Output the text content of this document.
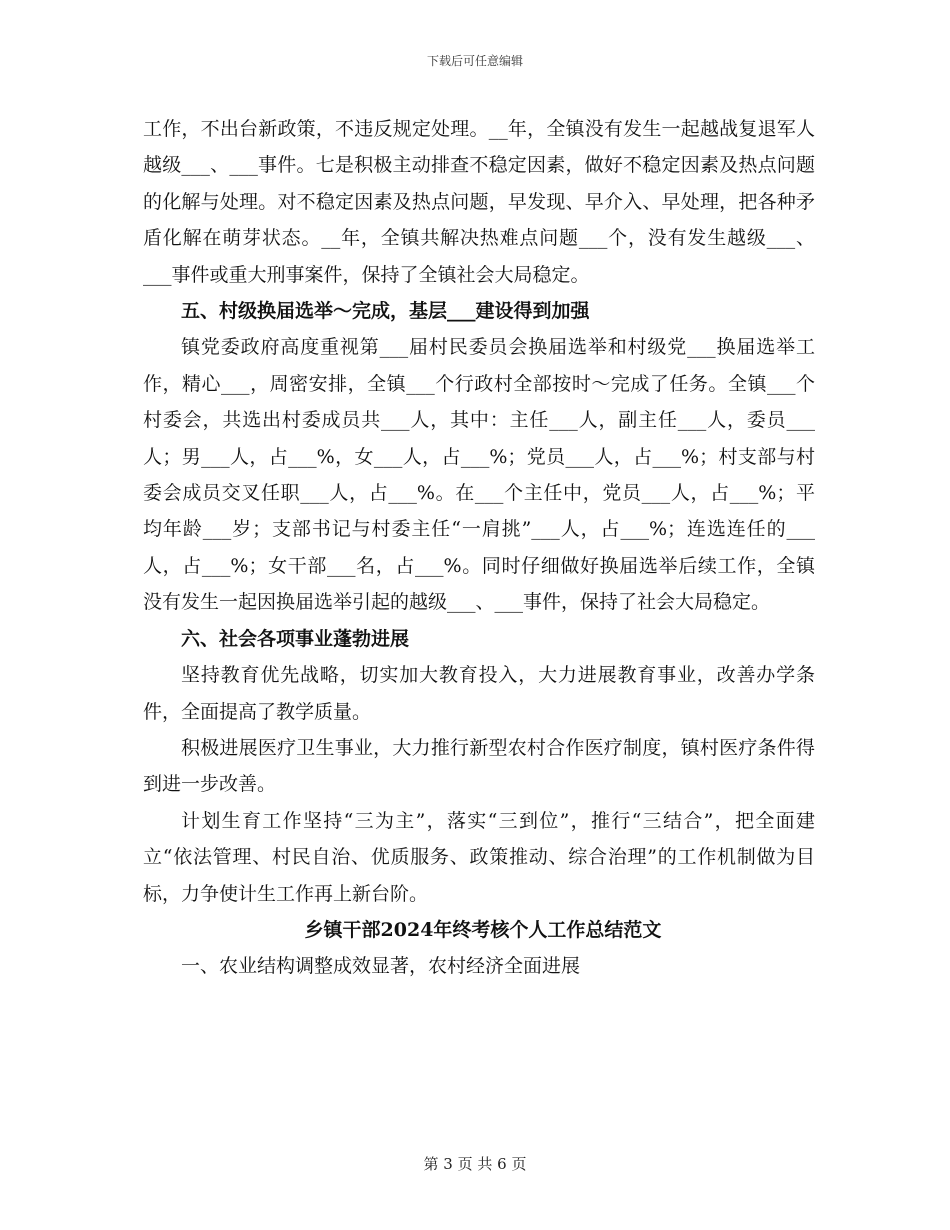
下载后可任意编辑

工作，不出台新政策，不违反规定处理。__年，全镇没有发生一起越战复退军人越级___、___事件。七是积极主动排查不稳定因素，做好不稳定因素及热点问题的化解与处理。对不稳定因素及热点问题，早发现、早介入、早处理，把各种矛盾化解在萌芽状态。__年，全镇共解决热难点问题___个，没有发生越级___、___事件或重大刑事案件，保持了全镇社会大局稳定。

五、村级换届选举～完成，基层___建设得到加强

镇党委政府高度重视第___届村民委员会换届选举和村级党___换届选举工作，精心___，周密安排，全镇___个行政村全部按时～完成了任务。全镇___个村委会，共选出村委成员共___人，其中：主任___人，副主任___人，委员___人；男___人，占___%，女___人，占___%；党员___人，占___%；村支部与村委会成员交叉任职___人，占___%。在___个主任中，党员___人，占___%；平均年龄___岁；支部书记与村委主任“一肩挑”___人，占___%；连选连任的___人，占___%；女干部___名，占___%。同时仔细做好换届选举后续工作，全镇没有发生一起因换届选举引起的越级___、___事件，保持了社会大局稳定。

六、社会各项事业蓬勃进展

坚持教育优先战略，切实加大教育投入，大力进展教育事业，改善办学条件，全面提高了教学质量。

积极进展医疗卫生事业，大力推行新型农村合作医疗制度，镇村医疗条件得到进一步改善。

计划生育工作坚持“三为主”，落实“三到位”，推行“三结合”，把全面建立“依法管理、村民自治、优质服务、政策推动、综合治理”的工作机制做为目标，力争使计生工作再上新台阶。

乡镇干部2024年终考核个人工作总结范文

一、农业结构调整成效显著，农村经济全面进展

第 3 页 共 6 页
